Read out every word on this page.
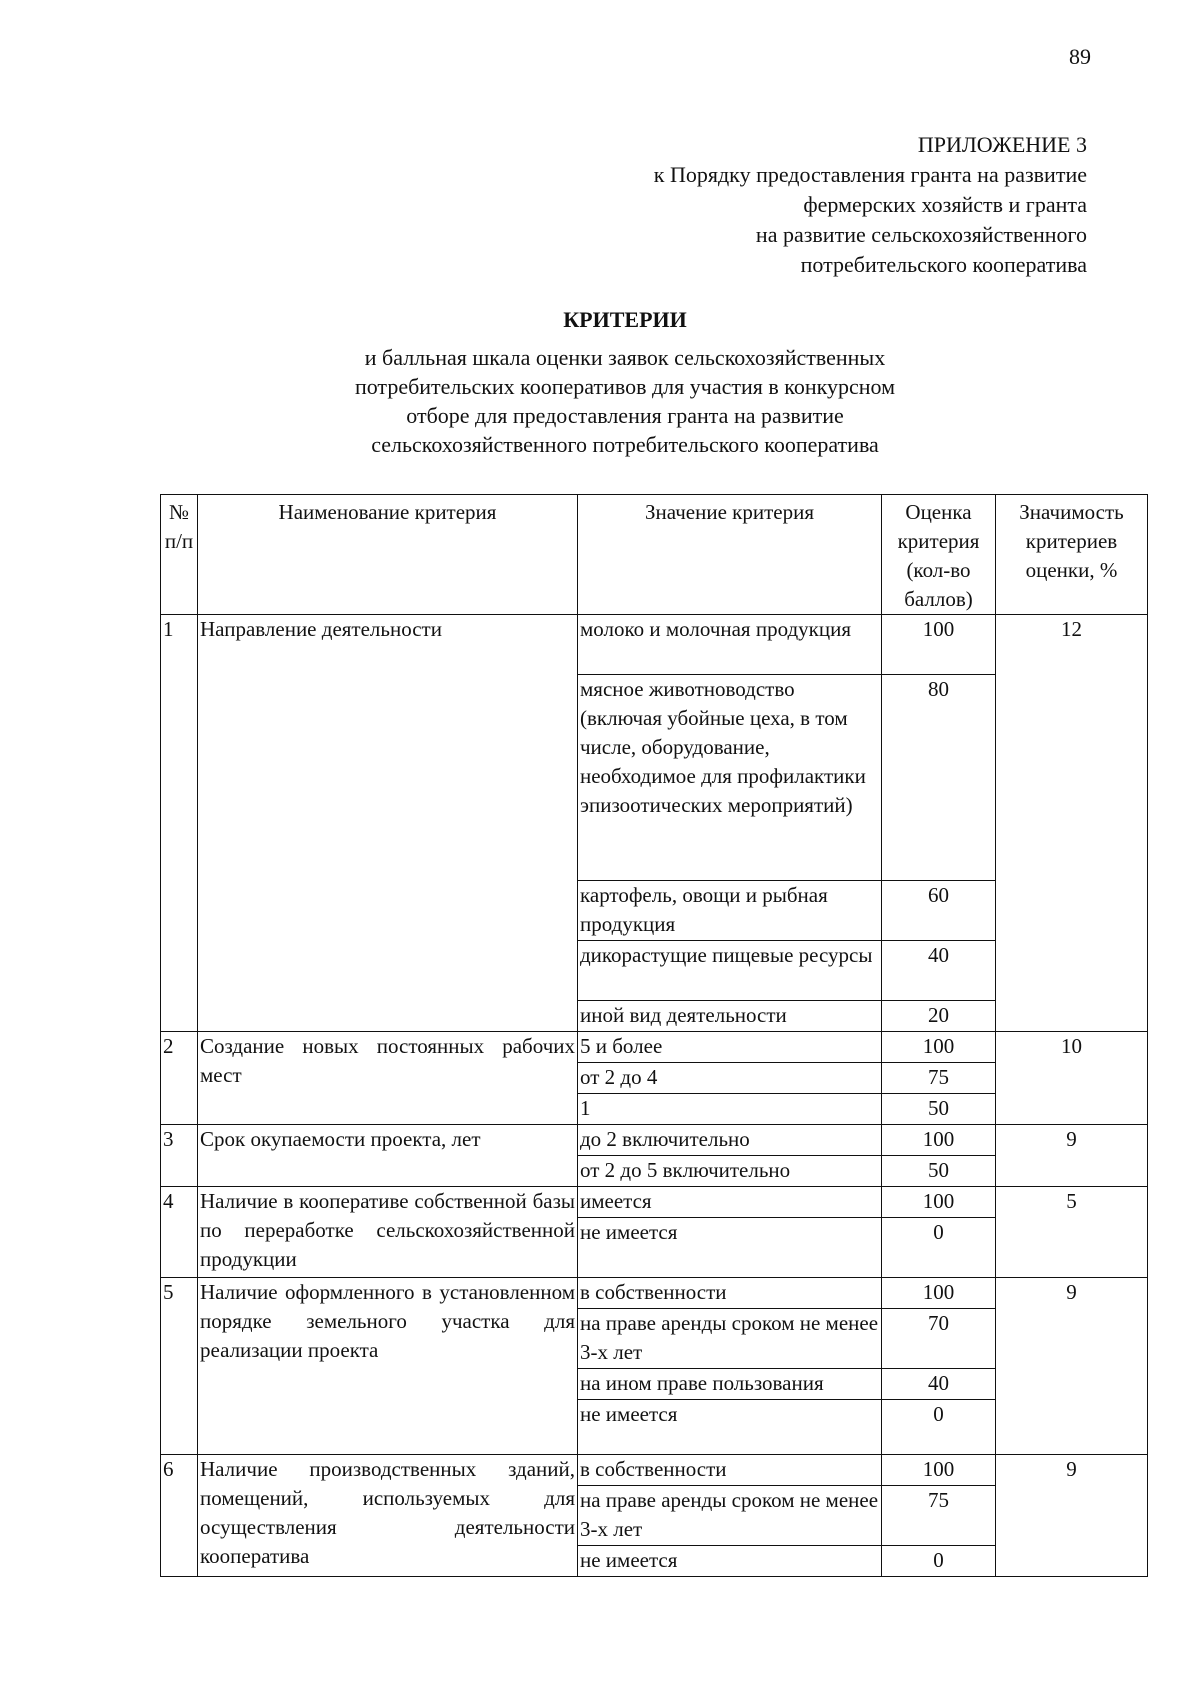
89
ПРИЛОЖЕНИЕ 3
к Порядку предоставления гранта на развитие
фермерских хозяйств и гранта
на развитие сельскохозяйственного
потребительского кооператива
КРИТЕРИИ
и балльная шкала оценки заявок сельскохозяйственных
потребительских кооперативов для участия в конкурсном
отборе для предоставления гранта на развитие
сельскохозяйственного потребительского кооператива
№ п/п	Наименование критерия	Значение критерия	Оценка критерия (кол-во баллов)	Значимость критериев оценки, %
1	Направление деятельности	молоко и молочная продукция	100	12
		мясное животноводство (включая убойные цеха, в том числе, оборудование, необходимое для профилактики эпизоотических мероприятий)	80	
		картофель, овощи и рыбная продукция	60	
		дикорастущие пищевые ресурсы	40	
		иной вид деятельности	20	
2	Создание новых постоянных рабочих мест	5 и более	100	10
		от 2 до 4	75	
		1	50	
3	Срок окупаемости проекта, лет	до 2 включительно	100	9
		от 2 до 5 включительно	50	
4	Наличие в кооперативе собственной базы по переработке сельскохозяйственной продукции	имеется	100	5
		не имеется	0	
5	Наличие оформленного в установленном порядке земельного участка для реализации проекта	в собственности	100	9
		на праве аренды сроком не менее 3-х лет	70	
		на ином праве пользования	40	
		не имеется	0	
6	Наличие производственных зданий, помещений, используемых для осуществления деятельности кооператива	в собственности	100	9
		на праве аренды сроком не менее 3-х лет	75	
		не имеется	0	
